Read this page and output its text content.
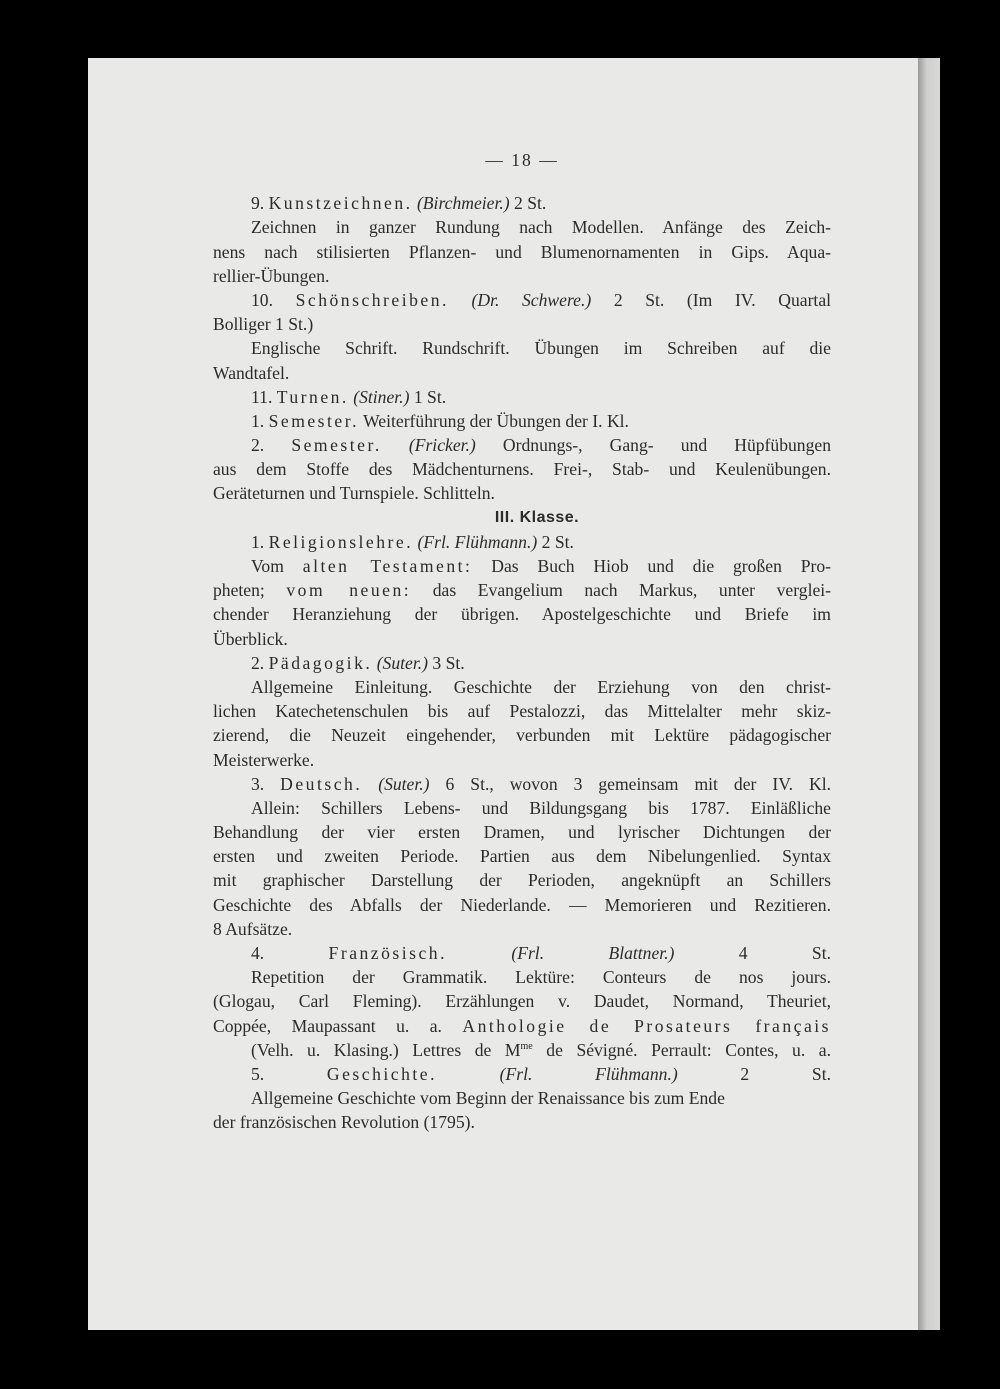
— 18 —
9. Kunstzeichnen. (Birchmeier.) 2 St.
Zeichnen in ganzer Rundung nach Modellen. Anfänge des Zeich-
nens nach stilisierten Pflanzen- und Blumenornamenten in Gips. Aqua-
rellier-Übungen.
10. Schönschreiben. (Dr. Schwere.) 2 St. (Im IV. Quartal
Bolliger 1 St.)
Englische Schrift. Rundschrift. Übungen im Schreiben auf die
Wandtafel.
11. Turnen. (Stiner.) 1 St.
1. Semester. Weiterführung der Übungen der I. Kl.
2. Semester. (Fricker.) Ordnungs-, Gang- und Hüpfübungen
aus dem Stoffe des Mädchenturnens. Frei-, Stab- und Keulenübungen.
Geräteturnen und Turnspiele. Schlitteln.
III. Klasse.
1. Religionslehre. (Frl. Flühmann.) 2 St.
Vom alten Testament: Das Buch Hiob und die großen Pro-
pheten; vom neuen: das Evangelium nach Markus, unter verglei-
chender Heranziehung der übrigen. Apostelgeschichte und Briefe im
Überblick.
2. Pädagogik. (Suter.) 3 St.
Allgemeine Einleitung. Geschichte der Erziehung von den christ-
lichen Katechetenschulen bis auf Pestalozzi, das Mittelalter mehr skiz-
zierend, die Neuzeit eingehender, verbunden mit Lektüre pädagogischer
Meisterwerke.
3. Deutsch. (Suter.) 6 St., wovon 3 gemeinsam mit der IV. Kl.
Allein: Schillers Lebens- und Bildungsgang bis 1787. Einläßliche
Behandlung der vier ersten Dramen, und lyrischer Dichtungen der
ersten und zweiten Periode. Partien aus dem Nibelungenlied. Syntax
mit graphischer Darstellung der Perioden, angeknüpft an Schillers
Geschichte des Abfalls der Niederlande. — Memorieren und Rezitieren.
8 Aufsätze.
4. Französisch.	(Frl. Blattner.)	4 St.
Repetition der Grammatik. Lektüre: Conteurs de nos jours.
(Glogau, Carl Fleming). Erzählungen v. Daudet, Normand, Theuriet,
Coppée, Maupassant u. a. Anthologie de Prosateurs français
(Velh. u. Klasing.) Lettres de $M^{me}$ de Sévigné. Perrault: Contes, u. a.
5. Geschichte.	(Frl. Flühmann.)	2 St.
Allgemeine Geschichte vom Beginn der Renaissance bis zum Ende
der französischen Revolution (1795).
